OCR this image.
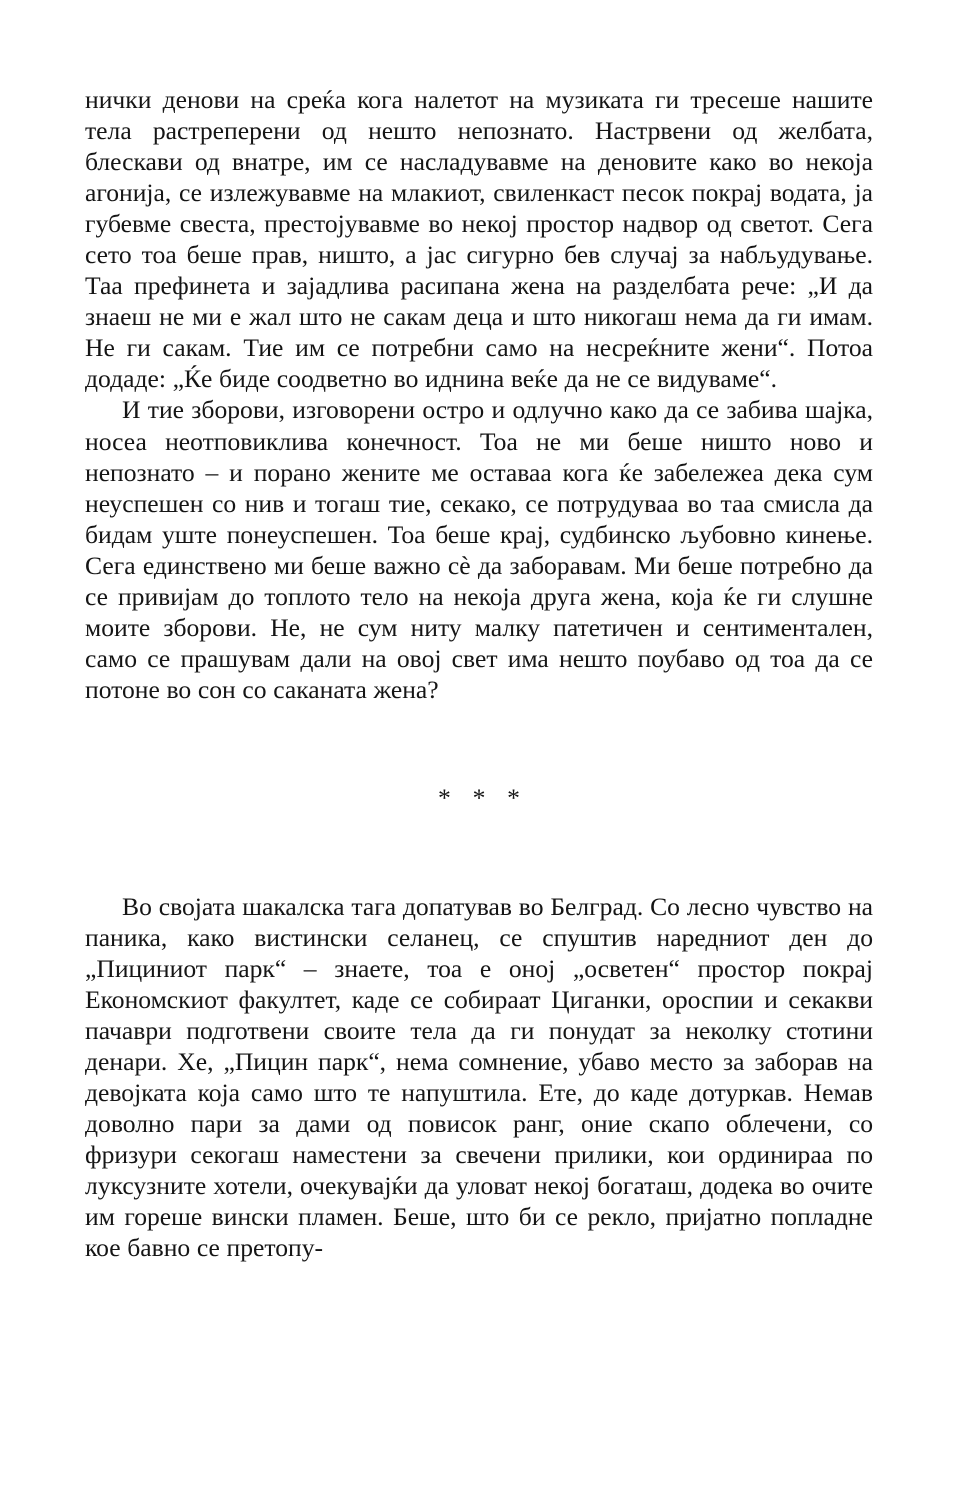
нички денови на среќа кога налетот на музиката ги тресеше нашите тела растреперени од нешто непознато. Настрвени од желбата, блескави од внатре, им се наслaдувавме на деновите како во некоја агонија, се излежувавме на млакиот, свиленкаст песок покрај водата, ја губевме свеста, престојувавме во некој простор надвор од светот. Сега сето тоа беше прав, ништо, а јас сигурно бев случај за набљудување. Таа префинета и зајадлива расипана жена на разделбата рече: „И да знаеш не ми е жал што не сакам деца и што никогаш нема да ги имам. Не ги сакам. Тие им се потребни само на несреќните жени“. Потоа додаде: „Ќе биде соодветно во иднина веќе да не се видуваме“.

И тие зборови, изговорени остро и одлучно како да се забива шајка, носеа неотповиклива конечност. Тоа не ми беше ништо ново и непознато – и порано жените ме оставаа кога ќе забележеа дека сум неуспешен со нив и тогаш тие, секако, се потрудуваа во таа смисла да бидам уште понеуспешен. Тоа беше крај, судбинско љубовно кинење. Сега единствено ми беше важно сѐ да заборавам. Ми беше потребно да се привијам до топлото тело на некоја друга жена, која ќе ги слушне моите зборови. Не, не сум ниту малку патетичен и сентименталeн, само се прашувам дали на овој свет има нешто поубаво од тоа да се потоне во сон со саканата жена?

* * *

Во својата шакалска тага допатував во Белград. Со лесно чувство на паника, како вистински селанец, се спуштив наредниот ден до „Пициниот парк“ – знаете, тоа е оној „осветен“ простор покрај Економскиот факултет, каде се собираат Циганки, ороспии и секакви пачаври подготвени своите тела да ги понудат за неколку стотини денари. Хе, „Пицин парк“, нема сомнение, убаво место за заборав на девојката која само што те напуштила. Ете, до каде дотуркав. Немав доволно пари за дами од повисок ранг, оние скапо облечени, со фризури секогаш наместени за свечени прилики, кои ординираа по луксузните хотели, очекувајќи да уловат некој богаташ, додека во очите им гореше вински пламен. Беше, што би се рекло, пријатно попладне кое бавно се претопу-
